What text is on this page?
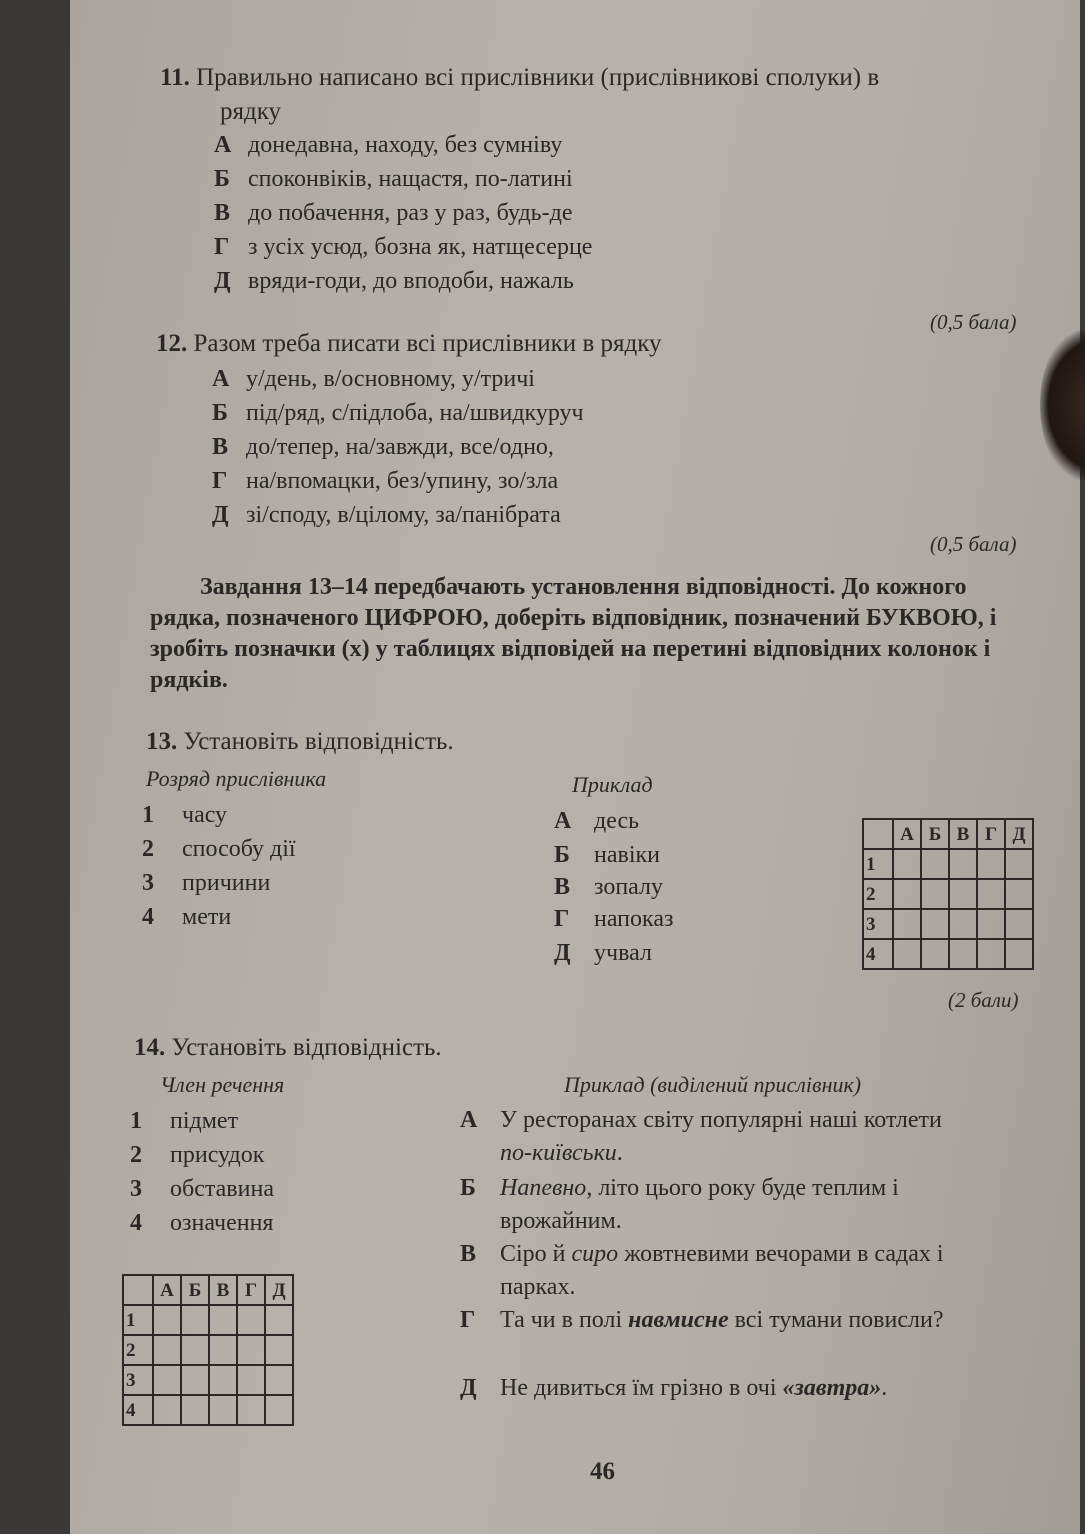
11. Правильно написано всі прислівники (прислівникові сполуки) в
рядку
А донедавна, находу, без сумніву
Б споконвіків, нащастя, по-латині
В до побачення, раз у раз, будь-де
Г з усіх усюд, бозна як, натщесерце
Д вряди-годи, до вподоби, нажаль
(0,5 бала)
12. Разом треба писати всі прислівники в рядку
А у/день, в/основному, у/тричі
Б під/ряд, с/підлоба, на/швидкуруч
В до/тепер, на/завжди, все/одно,
Г на/впомацки, без/упину, зо/зла
Д зі/споду, в/цілому, за/панібрата
(0,5 бала)
Завдання 13–14 передбачають установлення відповідності. До кожного рядка, позначеного ЦИФРОЮ, доберіть відповідник, позначений БУКВОЮ, і зробіть позначки (х) у таблицях відповідей на перетині відповідних колонок і рядків.
13. Установіть відповідність.
Розряд прислівника	Приклад
1 часу
2 способу дії
3 причини
4 мети
А десь
Б навіки
В зопалу
Г напоказ
Д учвал
	А	Б	В	Г	Д
1					
2					
3					
4					
(2 бали)
14. Установіть відповідність.
Член речення	Приклад (виділений прислівник)
1 підмет
2 присудок
3 обставина
4 означення
А У ресторанах світу популярні наші котлети по-київськи.
Б	Напевно, літо цього року буде теплим і врожайним.
В Сіро й сиро жовтневими вечорами в садах і парках.
Г	Та чи в полі навмисне всі тумани повисли?
Д Не дивиться їм грізно в очі «завтра».
	А	Б	В	Г	Д
1					
2					
3					
4					
46
